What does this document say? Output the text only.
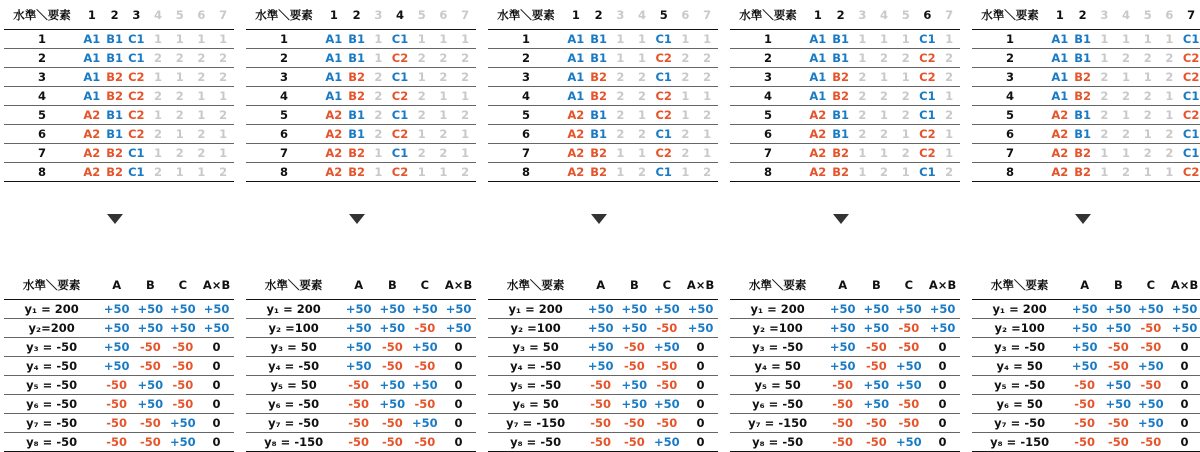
水準＼要素	1	2	3	4	5	6	7
1	A1	B1	C1	1	1	1	1
2	A1	B1	C1	2	2	2	2
3	A1	B2	C2	1	1	2	2
4	A1	B2	C2	2	2	1	1
5	A2	B1	C2	1	2	1	2
6	A2	B1	C2	2	1	2	1
7	A2	B2	C1	1	2	2	1
8	A2	B2	C1	2	1	1	2
水準＼要素	A	B	C	A×B
y₁ = 200	+50	+50	+50	+50
y₂=200	+50	+50	+50	+50
y₃ = -50	+50	-50	-50	0
y₄ = -50	+50	-50	-50	0
y₅ = -50	-50	+50	-50	0
y₆ = -50	-50	+50	-50	0
y₇ = -50	-50	-50	+50	0
y₈ = -50	-50	-50	+50	0
水準＼要素	1	2	3	4	5	6	7
1	A1	B1	1	C1	1	1	1
2	A1	B1	1	C2	2	2	2
3	A1	B2	2	C1	1	2	2
4	A1	B2	2	C2	2	1	1
5	A2	B1	2	C1	2	1	2
6	A2	B1	2	C2	1	2	1
7	A2	B2	1	C1	2	2	1
8	A2	B2	1	C2	1	1	2
水準＼要素	A	B	C	A×B
y₁ = 200	+50	+50	+50	+50
y₂ =100	+50	+50	-50	+50
y₃ = 50	+50	-50	+50	0
y₄ = -50	+50	-50	-50	0
y₅ = 50	-50	+50	+50	0
y₆ = -50	-50	+50	-50	0
y₇ = -50	-50	-50	+50	0
y₈ = -150	-50	-50	-50	0
水準＼要素	1	2	3	4	5	6	7
1	A1	B1	1	1	C1	1	1
2	A1	B1	1	1	C2	2	2
3	A1	B2	2	2	C1	2	2
4	A1	B2	2	2	C2	1	1
5	A2	B1	2	1	C2	1	2
6	A2	B1	2	2	C1	2	1
7	A2	B2	1	1	C2	2	1
8	A2	B2	1	2	C1	1	2
水準＼要素	A	B	C	A×B
y₁ = 200	+50	+50	+50	+50
y₂ =100	+50	+50	-50	+50
y₃ = 50	+50	-50	+50	0
y₄ = -50	+50	-50	-50	0
y₅ = -50	-50	+50	-50	0
y₆ = 50	-50	+50	+50	0
y₇ = -150	-50	-50	-50	0
y₈ = -50	-50	-50	+50	0
水準＼要素	1	2	3	4	5	6	7
1	A1	B1	1	1	1	C1	1
2	A1	B1	1	2	2	C2	2
3	A1	B2	2	1	1	C2	2
4	A1	B2	2	2	2	C1	1
5	A2	B1	2	1	2	C1	2
6	A2	B1	2	2	1	C2	1
7	A2	B2	1	1	2	C2	1
8	A2	B2	1	2	1	C1	2
水準＼要素	A	B	C	A×B
y₁ = 200	+50	+50	+50	+50
y₂ =100	+50	+50	-50	+50
y₃ = -50	+50	-50	-50	0
y₄ = 50	+50	-50	+50	0
y₅ = 50	-50	+50	+50	0
y₆ = -50	-50	+50	-50	0
y₇ = -150	-50	-50	-50	0
y₈ = -50	-50	-50	+50	0
水準＼要素	1	2	3	4	5	6	7
1	A1	B1	1	1	1	1	C1
2	A1	B1	1	2	2	2	C2
3	A1	B2	2	1	1	2	C2
4	A1	B2	2	2	2	1	C1
5	A2	B1	2	1	2	1	C2
6	A2	B1	2	2	1	2	C1
7	A2	B2	1	1	2	2	C1
8	A2	B2	1	2	1	1	C2
水準＼要素	A	B	C	A×B
y₁ = 200	+50	+50	+50	+50
y₂ =100	+50	+50	-50	+50
y₃ = -50	+50	-50	-50	0
y₄ = 50	+50	-50	+50	0
y₅ = -50	-50	+50	-50	0
y₆ = 50	-50	+50	+50	0
y₇ = -50	-50	-50	+50	0
y₈ = -150	-50	-50	-50	0
